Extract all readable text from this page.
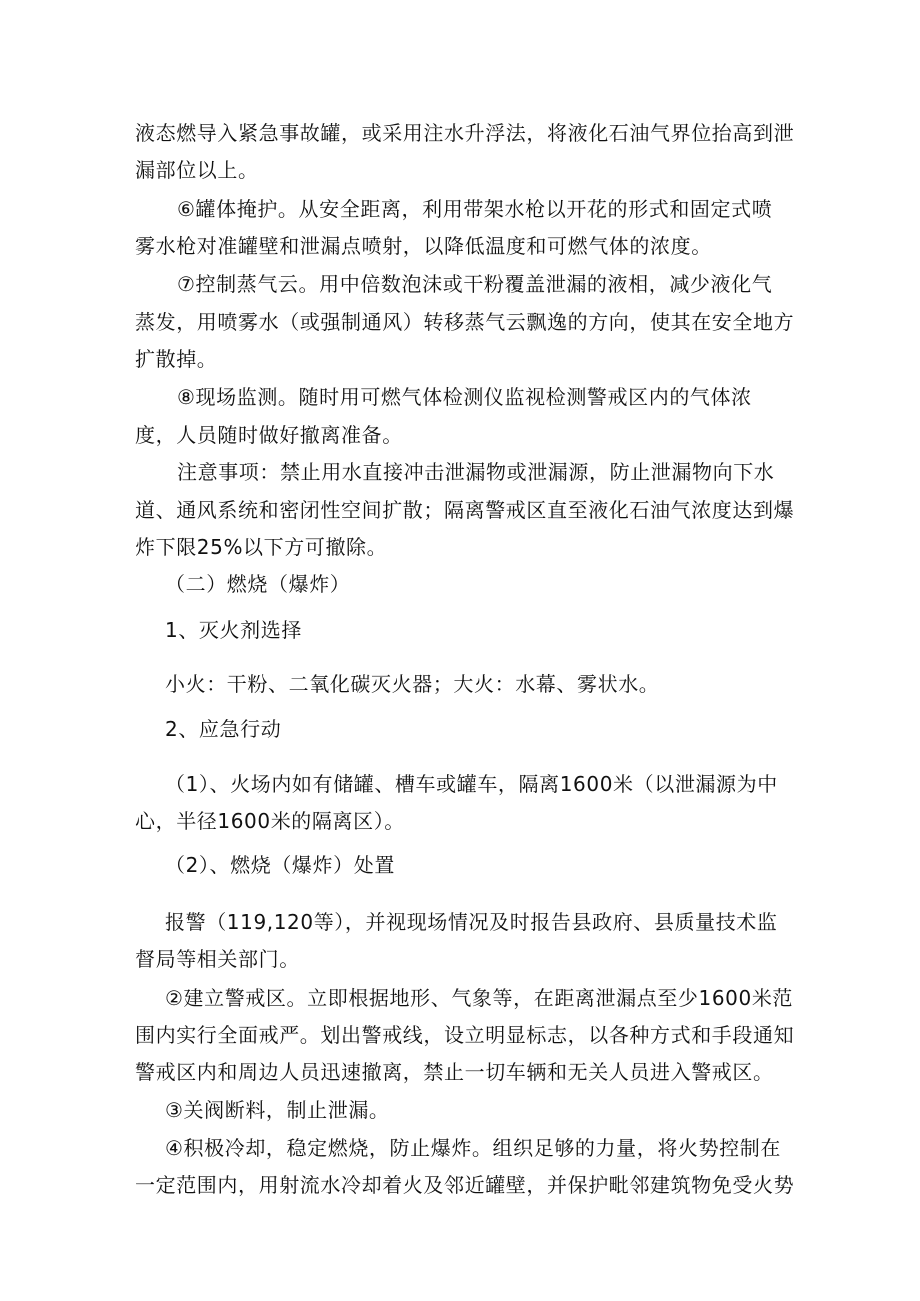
液态燃导入紧急事故罐，或采用注水升浮法，将液化石油气界位抬高到泄
漏部位以上。
⑥罐体掩护。从安全距离，利用带架水枪以开花的形式和固定式喷
雾水枪对准罐壁和泄漏点喷射，以降低温度和可燃气体的浓度。
⑦控制蒸气云。用中倍数泡沫或干粉覆盖泄漏的液相，减少液化气
蒸发，用喷雾水（或强制通风）转移蒸气云飘逸的方向，使其在安全地方
扩散掉。
⑧现场监测。随时用可燃气体检测仪监视检测警戒区内的气体浓
度，人员随时做好撤离准备。
注意事项：禁止用水直接冲击泄漏物或泄漏源，防止泄漏物向下水
道、通风系统和密闭性空间扩散；隔离警戒区直至液化石油气浓度达到爆
炸下限25%以下方可撤除。
（二）燃烧（爆炸）
1、灭火剂选择
小火：干粉、二氧化碳灭火器；大火：水幕、雾状水。
2、应急行动
（1）、火场内如有储罐、槽车或罐车，隔离1600米（以泄漏源为中
心，半径1600米的隔离区）。
（2）、燃烧（爆炸）处置
报警（119,120等），并视现场情况及时报告县政府、县质量技术监
督局等相关部门。
②建立警戒区。立即根据地形、气象等，在距离泄漏点至少1600米范
围内实行全面戒严。划出警戒线，设立明显标志，以各种方式和手段通知
警戒区内和周边人员迅速撤离，禁止一切车辆和无关人员进入警戒区。
③关阀断料，制止泄漏。
④积极冷却，稳定燃烧，防止爆炸。组织足够的力量，将火势控制在
一定范围内，用射流水冷却着火及邻近罐壁，并保护毗邻建筑物免受火势
